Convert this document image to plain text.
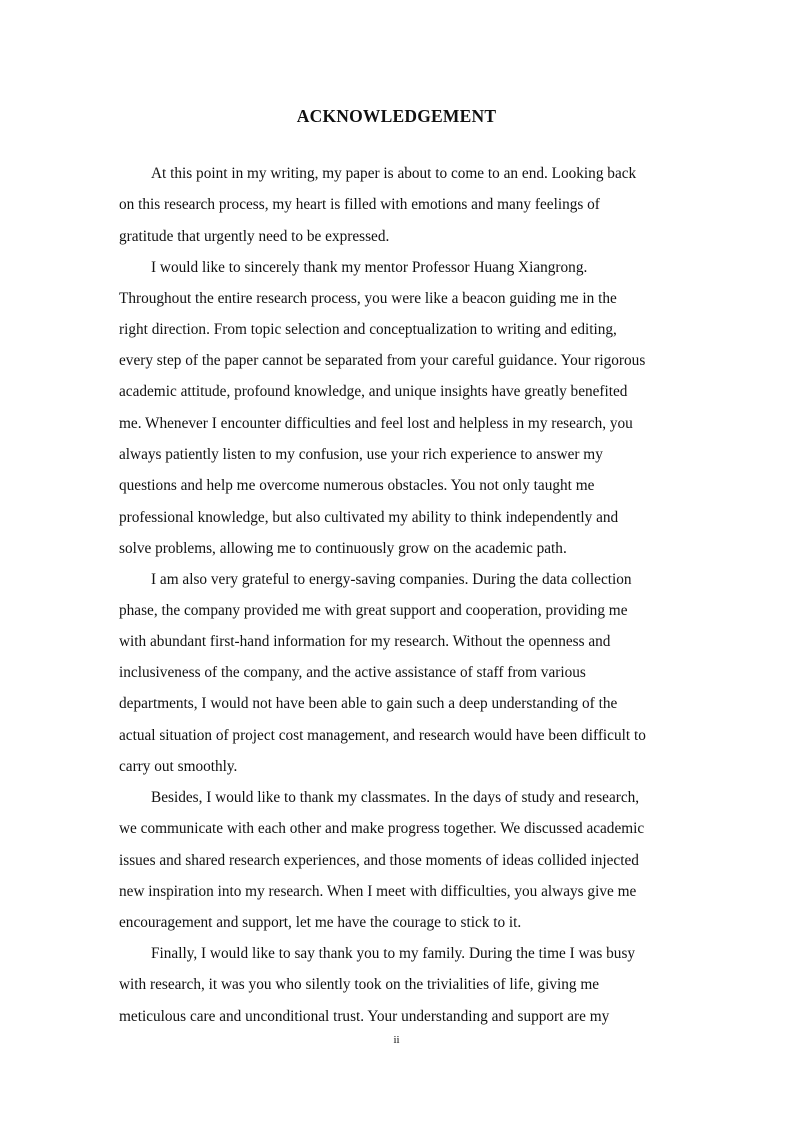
ACKNOWLEDGEMENT
At this point in my writing, my paper is about to come to an end. Looking back
on this research process, my heart is filled with emotions and many feelings of
gratitude that urgently need to be expressed.
I would like to sincerely thank my mentor Professor Huang Xiangrong.
Throughout the entire research process, you were like a beacon guiding me in the
right direction. From topic selection and conceptualization to writing and editing,
every step of the paper cannot be separated from your careful guidance. Your rigorous
academic attitude, profound knowledge, and unique insights have greatly benefited
me. Whenever I encounter difficulties and feel lost and helpless in my research, you
always patiently listen to my confusion, use your rich experience to answer my
questions and help me overcome numerous obstacles. You not only taught me
professional knowledge, but also cultivated my ability to think independently and
solve problems, allowing me to continuously grow on the academic path.
I am also very grateful to energy-saving companies. During the data collection
phase, the company provided me with great support and cooperation, providing me
with abundant first-hand information for my research. Without the openness and
inclusiveness of the company, and the active assistance of staff from various
departments, I would not have been able to gain such a deep understanding of the
actual situation of project cost management, and research would have been difficult to
carry out smoothly.
Besides, I would like to thank my classmates. In the days of study and research,
we communicate with each other and make progress together. We discussed academic
issues and shared research experiences, and those moments of ideas collided injected
new inspiration into my research. When I meet with difficulties, you always give me
encouragement and support, let me have the courage to stick to it.
Finally, I would like to say thank you to my family. During the time I was busy
with research, it was you who silently took on the trivialities of life, giving me
meticulous care and unconditional trust. Your understanding and support are my
ii
